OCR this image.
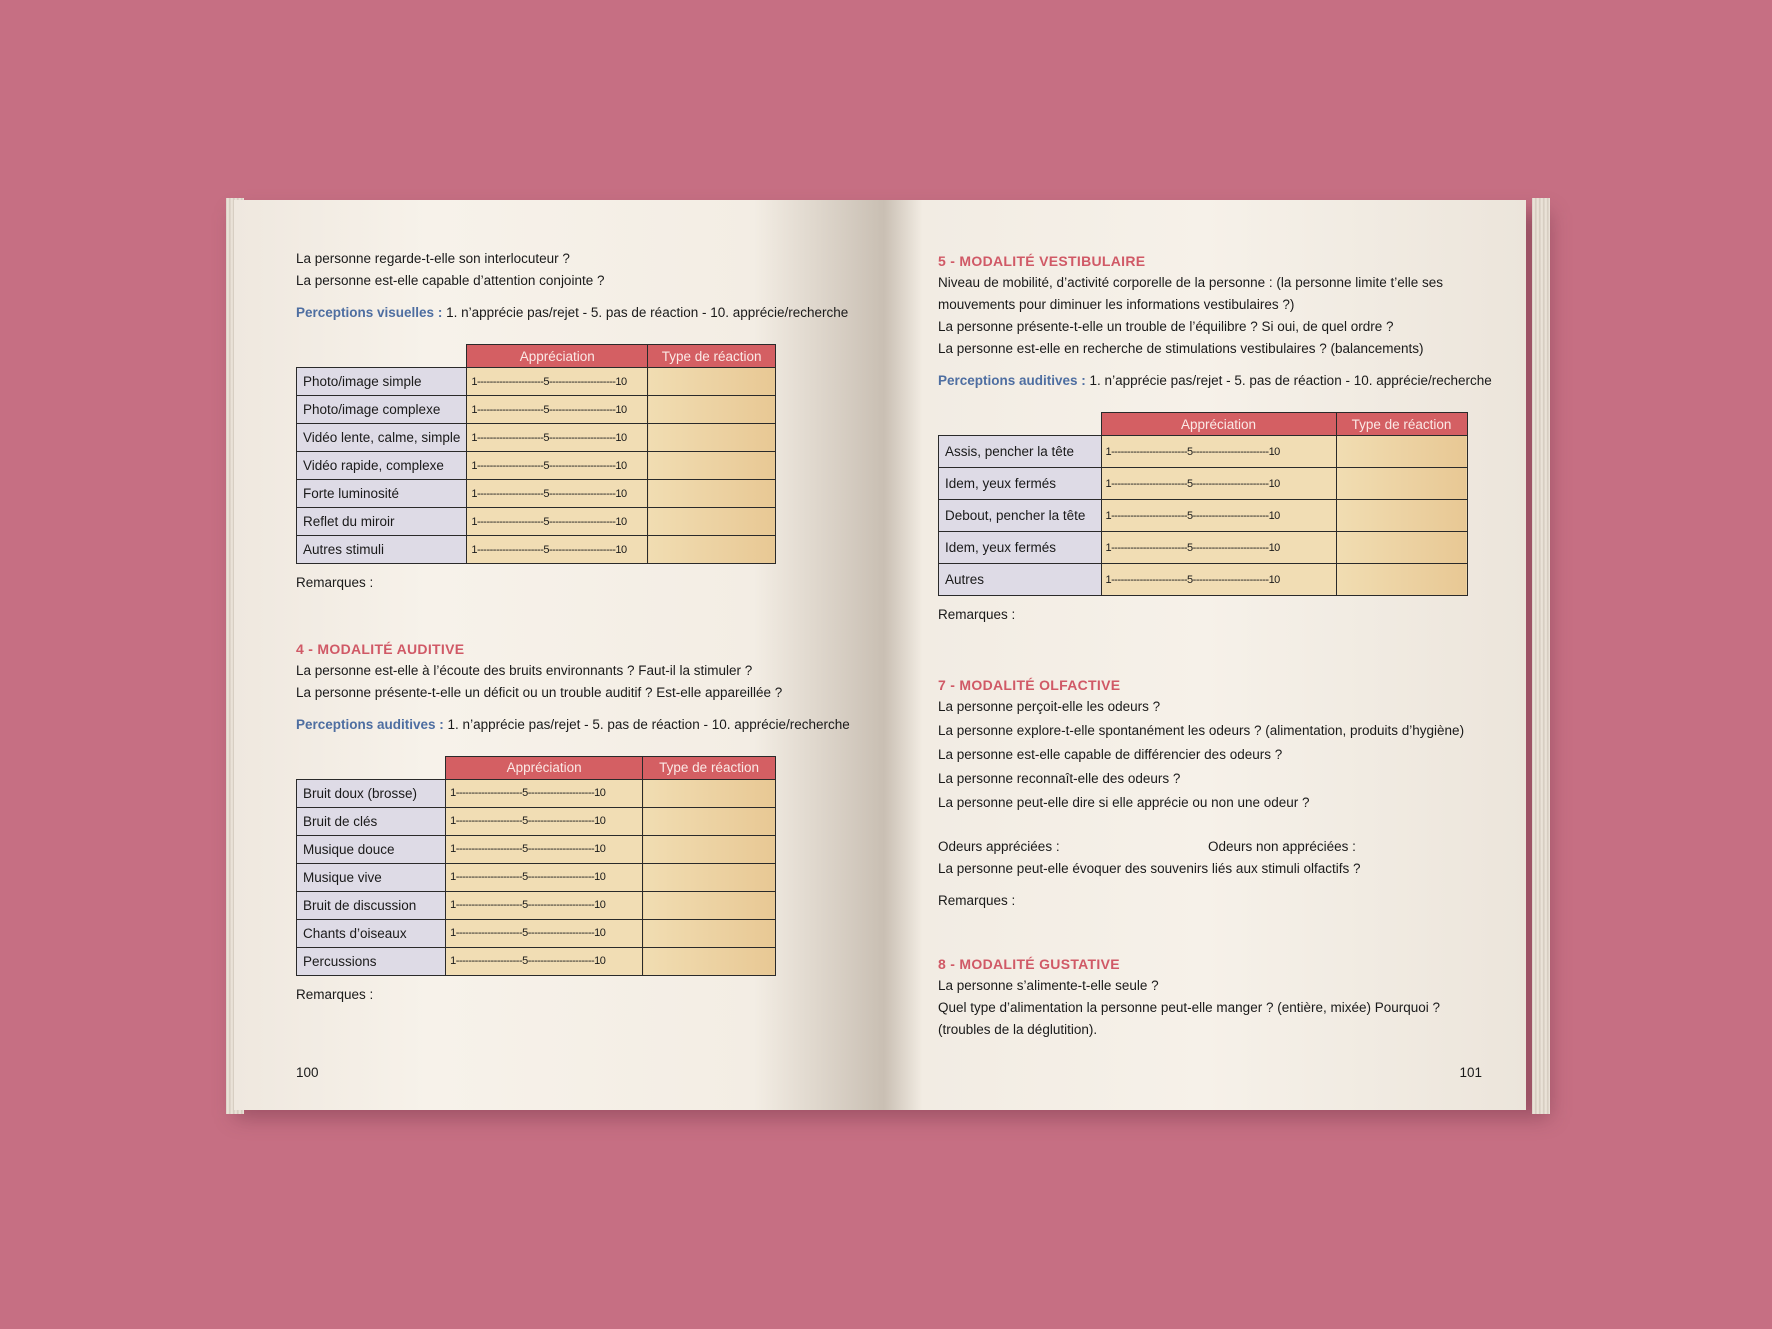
La personne regarde-t-elle son interlocuteur ?

La personne est-elle capable d’attention conjointe ?

Perceptions visuelles : 1. n’apprécie pas/rejet - 5. pas de réaction - 10. apprécie/recherche

	Appréciation	Type de réaction
Photo/image simple	1---------------------5---------------------10	
Photo/image complexe	1---------------------5---------------------10	
Vidéo lente, calme, simple	1---------------------5---------------------10	
Vidéo rapide, complexe	1---------------------5---------------------10	
Forte luminosité	1---------------------5---------------------10	
Reflet du miroir	1---------------------5---------------------10	
Autres stimuli	1---------------------5---------------------10	

Remarques :

4 - MODALITÉ AUDITIVE

La personne est-elle à l’écoute des bruits environnants ? Faut-il la stimuler ?

La personne présente-t-elle un déficit ou un trouble auditif ? Est-elle appareillée ?

Perceptions auditives : 1. n’apprécie pas/rejet - 5. pas de réaction - 10. apprécie/recherche

	Appréciation	Type de réaction
Bruit doux (brosse)	1---------------------5---------------------10	
Bruit de clés	1---------------------5---------------------10	
Musique douce	1---------------------5---------------------10	
Musique vive	1---------------------5---------------------10	
Bruit de discussion	1---------------------5---------------------10	
Chants d’oiseaux	1---------------------5---------------------10	
Percussions	1---------------------5---------------------10	

Remarques :

100

5 - MODALITÉ VESTIBULAIRE

Niveau de mobilité, d’activité corporelle de la personne : (la personne limite t’elle ses

mouvements pour diminuer les informations vestibulaires ?)

La personne présente-t-elle un trouble de l’équilibre ? Si oui, de quel ordre ?

La personne est-elle en recherche de stimulations vestibulaires ? (balancements)

Perceptions auditives : 1. n’apprécie pas/rejet - 5. pas de réaction - 10. apprécie/recherche

	Appréciation	Type de réaction
Assis, pencher la tête	1------------------------5------------------------10	
Idem, yeux fermés	1------------------------5------------------------10	
Debout, pencher la tête	1------------------------5------------------------10	
Idem, yeux fermés	1------------------------5------------------------10	
Autres	1------------------------5------------------------10	

Remarques :

7 - MODALITÉ OLFACTIVE

La personne perçoit-elle les odeurs ?

La personne explore-t-elle spontanément les odeurs ? (alimentation, produits d’hygiène)

La personne est-elle capable de différencier des odeurs ?

La personne reconnaît-elle des odeurs ?

La personne peut-elle dire si elle apprécie ou non une odeur ?

Odeurs appréciées :	Odeurs non appréciées :

La personne peut-elle évoquer des souvenirs liés aux stimuli olfactifs ?

Remarques :

8 - MODALITÉ GUSTATIVE

La personne s’alimente-t-elle seule ?

Quel type d’alimentation la personne peut-elle manger ? (entière, mixée) Pourquoi ?

(troubles de la déglutition).

101
